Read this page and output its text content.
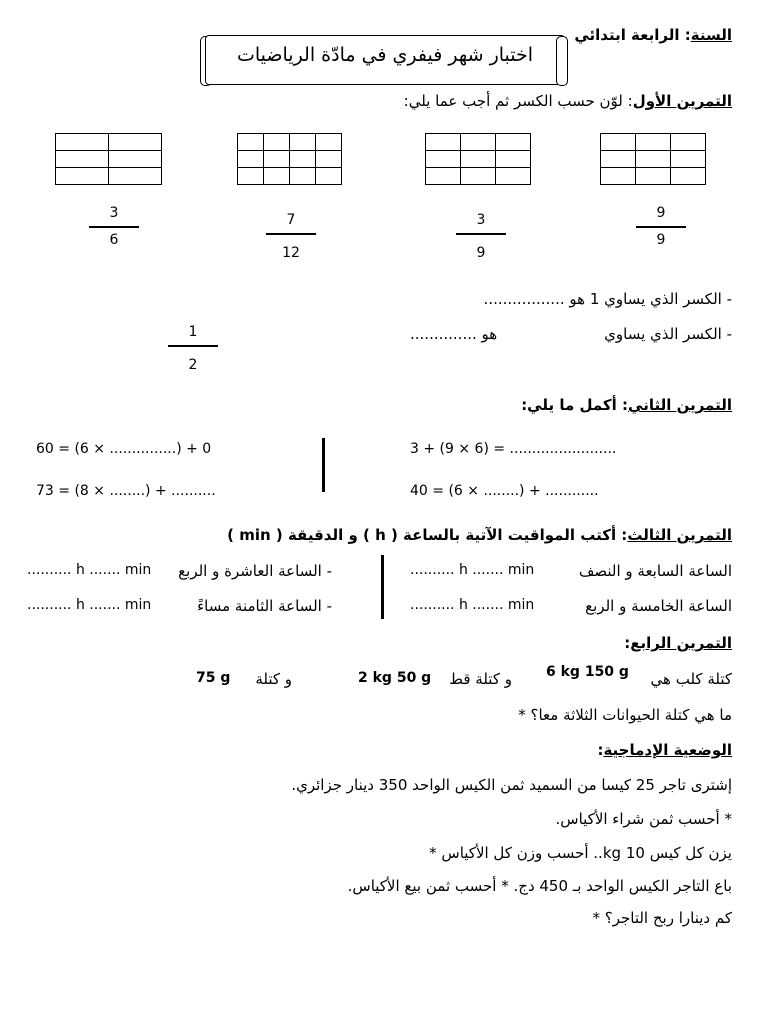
السنة: الرابعة ابتدائي
اختبار شهر فيفري في مادّة الرياضيات
التمرين الأول: لوّن حسب الكسر ثم أجب عما يلي:

9
9
3
9
7
12
3
6
- الكسر الذي يساوي 1 هو .................
- الكسر الذي يساوي
هو ..............
1
2
التمرين الثاني: أكمل ما يلي:
3 + (9 × 6) = ........................
60 = (6 × ...............) + 0
40 = (6 × ........) + ............
73 = (8 × ........) + ..........
التمرين الثالث: أكتب المواقيت الآتية بالساعة ( h ) و الدقيقة ( min )
الساعة السابعة و النصف
.......... h ....... min
- الساعة العاشرة و الربع
.......... h ....... min
الساعة الخامسة و الربع
.......... h ....... min
- الساعة الثامنة مساءً
.......... h ....... min
التمرين الرابع:
كتلة كلب هي
6 kg 150 g
و كتلة قط
2 kg 50 g
و كتلة
75 g
ما هي كتلة الحيوانات الثلاثة معا؟ *
الوضعية الإدماجية:
إشترى تاجر 25 كيسا من السميد ثمن الكيس الواحد 350 دينار جزائري.
* أحسب ثمن شراء الأكياس.
يزن كل كيس 10 kg.. أحسب وزن كل الأكياس *
باع التاجر الكيس الواحد بـ 450 دج. * أحسب ثمن بيع الأكياس.
كم دينارا ربح التاجر؟ *
